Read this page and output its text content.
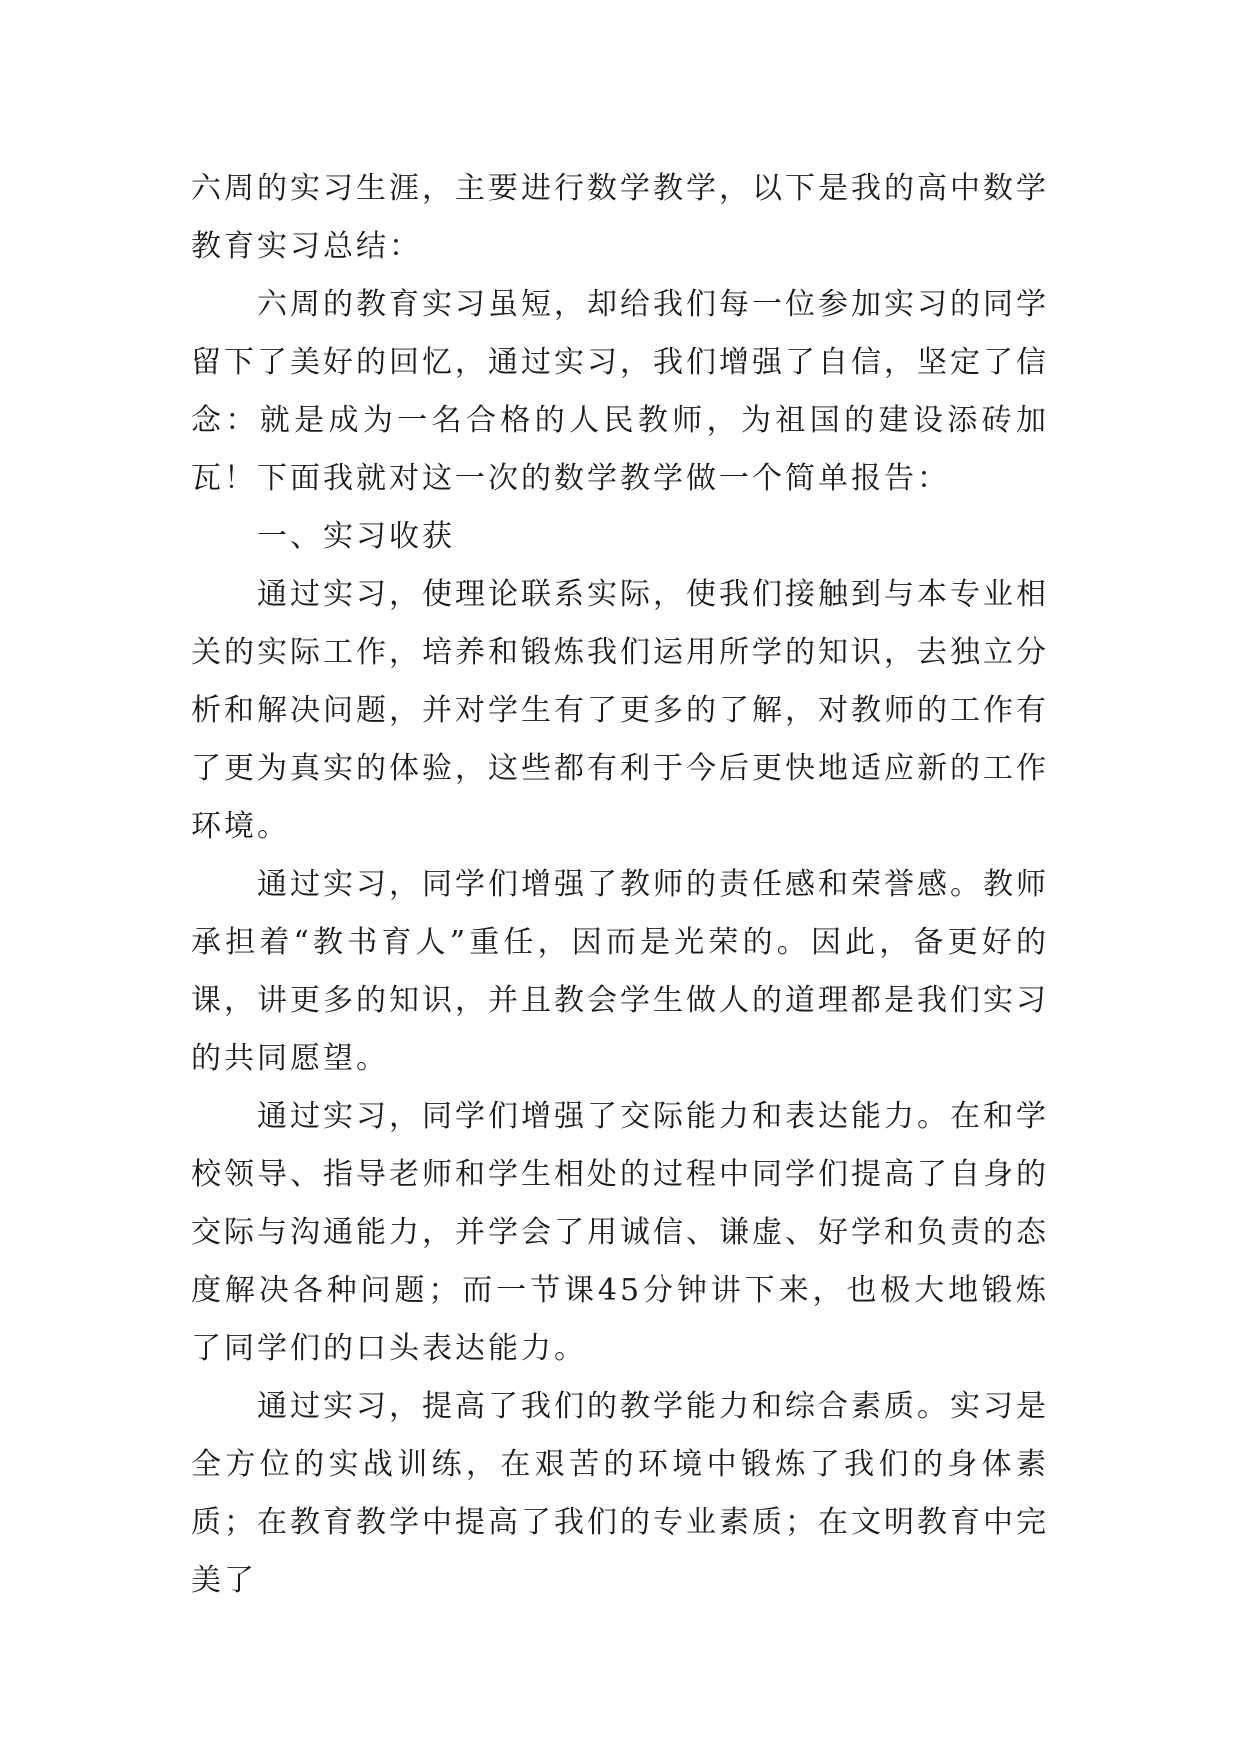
六周的实习生涯，主要进行数学教学，以下是我的高中数学教育实习总结：

六周的教育实习虽短，却给我们每一位参加实习的同学留下了美好的回忆，通过实习，我们增强了自信，坚定了信念：就是成为一名合格的人民教师，为祖国的建设添砖加瓦！下面我就对这一次的数学教学做一个简单报告：

一、实习收获

通过实习，使理论联系实际，使我们接触到与本专业相关的实际工作，培养和锻炼我们运用所学的知识，去独立分析和解决问题，并对学生有了更多的了解，对教师的工作有了更为真实的体验，这些都有利于今后更快地适应新的工作环境。

通过实习，同学们增强了教师的责任感和荣誉感。教师承担着“教书育人”重任，因而是光荣的。因此，备更好的课，讲更多的知识，并且教会学生做人的道理都是我们实习的共同愿望。

通过实习，同学们增强了交际能力和表达能力。在和学校领导、指导老师和学生相处的过程中同学们提高了自身的交际与沟通能力，并学会了用诚信、谦虚、好学和负责的态度解决各种问题；而一节课45分钟讲下来，也极大地锻炼了同学们的口头表达能力。

通过实习，提高了我们的教学能力和综合素质。实习是全方位的实战训练，在艰苦的环境中锻炼了我们的身体素质；在教育教学中提高了我们的专业素质；在文明教育中完美了
